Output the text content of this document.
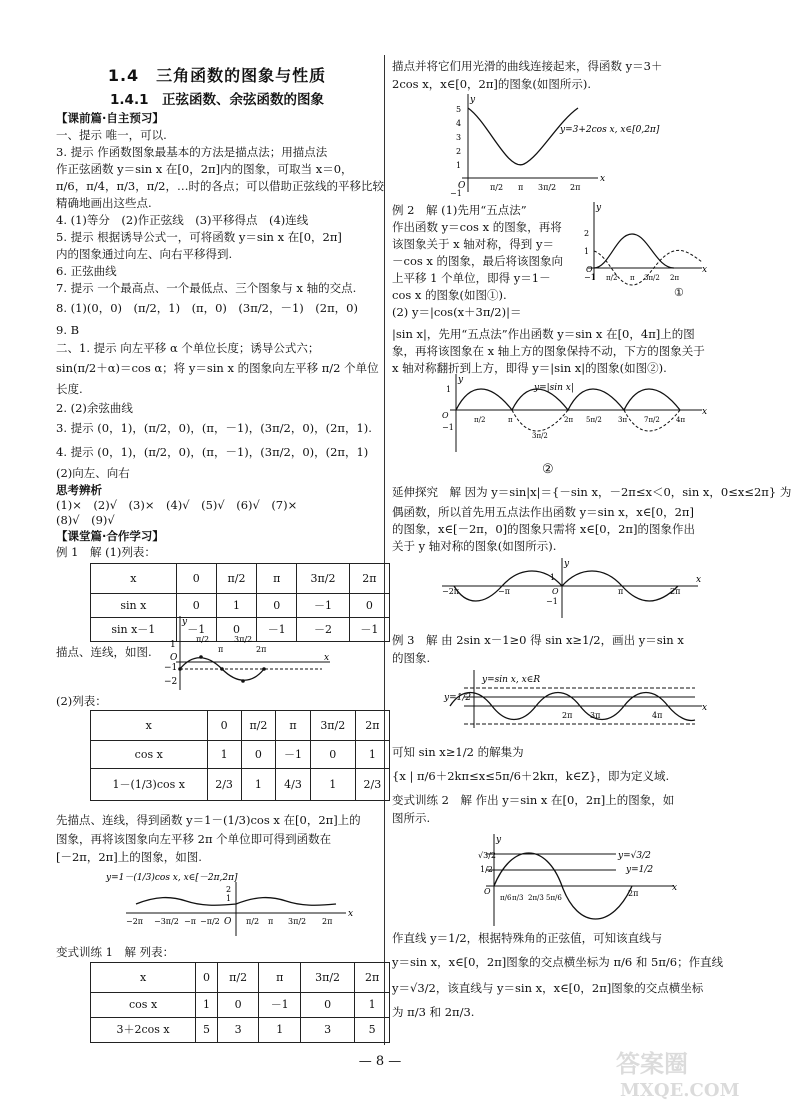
1.4　三角函数的图象与性质
1.4.1　正弦函数、余弦函数的图象
【课前篇·自主预习】
一、提示 唯一，可以.
3. 提示 作函数图象最基本的方法是描点法；用描点法
作正弦函数 y＝sin x 在[0，2π]内的图象，可取当 x＝0，
π/6，π/4，π/3，π/2，…时的各点；可以借助正弦线的平移比较
精确地画出这些点.
4. (1)等分　(2)作正弦线　(3)平移得点　(4)连线
5. 提示 根据诱导公式一，可将函数 y＝sin x 在[0，2π]
内的图象通过向左、向右平移得到.
6. 正弦曲线
7. 提示 一个最高点、一个最低点、三个图象与 x 轴的交点.
8. (1)(0，0)　(π/2，1)　(π，0)　(3π/2，－1)　(2π，0)
9. B
二、1. 提示 向左平移 α 个单位长度；诱导公式六；
sin(π/2＋α)＝cos α；将 y＝sin x 的图象向左平移 π/2 个单位
长度.
2. (2)余弦曲线
3. 提示 (0，1)，(π/2，0)，(π，－1)，(3π/2，0)，(2π，1).
4. 提示 (0，1)，(π/2，0)，(π，－1)，(3π/2，0)，(2π，1)
(2)向左、向右
思考辨析
(1)×　(2)√　(3)×　(4)√　(5)√　(6)√　(7)×
(8)√　(9)√
【课堂篇·合作学习】
例 1　解 (1)列表：
x	0	π/2	π	3π/2	2π
sin x	0	1	0	－1	0
sin x－1	－1	0	－1	－2	－1
描点、连线，如图.
y
x
O
1
−1
−2
π/2
π
3π/2
2π
(2)列表：
x	0	π/2	π	3π/2	2π
cos x	1	0	－1	0	1
1－(1/3)cos x	2/3	1	4/3	1	2/3
先描点、连线，得到函数 y＝1－(1/3)cos x 在[0，2π]上的
图象，再将该图象向左平移 2π 个单位即可得到函数在
[－2π，2π]上的图象，如图.
y=1－(1/3)cos x, x∈[－2π,2π]
2
1
O
−2π −3π/2 −π −π/2	π/2 π 3π/2 2π
x
变式训练 1　解 列表：
x	0	π/2	π	3π/2	2π
cos x	1	0	－1	0	1
3＋2cos x	5	3	1	3	5
描点并将它们用光滑的曲线连接起来，得函数 y＝3＋
2cos x，x∈[0，2π]的图象(如图所示).
y
x
5
4
3
2
1
O
−1
π/2 π 3π/2 2π
y=3+2cos x, x∈[0,2π]
例 2　解 (1)先用“五点法”
作出函数 y＝cos x 的图象，再将
该图象关于 x 轴对称，得到 y＝
－cos x 的图象，最后将该图象向
上平移 1 个单位，即得 y＝1－
cos x 的图象(如图①).
y
x
2
1
−1
O
π/2 π 3π/2 2π
①
(2) y＝|cos(x＋3π/2)|＝
|sin x|，先用“五点法”作出函数 y＝sin x 在[0，4π]上的图
象，再将该图象在 x 轴上方的图象保持不动，下方的图象关于
x 轴对称翻折到上方，即得 y＝|sin x|的图象(如图②).
y
x
1
O
−1
y=|sin x|
π/2	π
3π/2
2π 5π/2 3π 7π/2 4π
②
延伸探究　解 因为 y＝sin|x|＝{－sin x，－2π≤x＜0，sin x，0≤x≤2π} 为
偶函数，所以首先用五点法作出函数 y＝sin x，x∈[0，2π]
的图象，x∈[－2π，0]的图象只需将 x∈[0，2π]的图象作出
关于 y 轴对称的图象(如图所示).
y
x
1
O
−1
−2π	−π	π	2π
例 3　解 由 2sin x－1≥0 得 sin x≥1/2，画出 y＝sin x
的图象.
y=1/2
y=sin x, x∈R
x
2π 3π	4π
可知 sin x≥1/2 的解集为
{x | π/6＋2kπ≤x≤5π/6＋2kπ，k∈Z}，即为定义域.
变式训练 2　解 作出 y＝sin x 在[0，2π]上的图象，如
图所示.
y
x
√3/2
1/2
O
y=√3/2
y=1/2
π/6 π/3 2π/3 5π/6	2π
作直线 y＝1/2，根据特殊角的正弦值，可知该直线与
y＝sin x，x∈[0，2π]图象的交点横坐标为 π/6 和 5π/6；作直线
y＝√3/2，该直线与 y＝sin x，x∈[0，2π]图象的交点横坐标
为 π/3 和 2π/3.
— 8 —	答案圈
MXQE.COM
